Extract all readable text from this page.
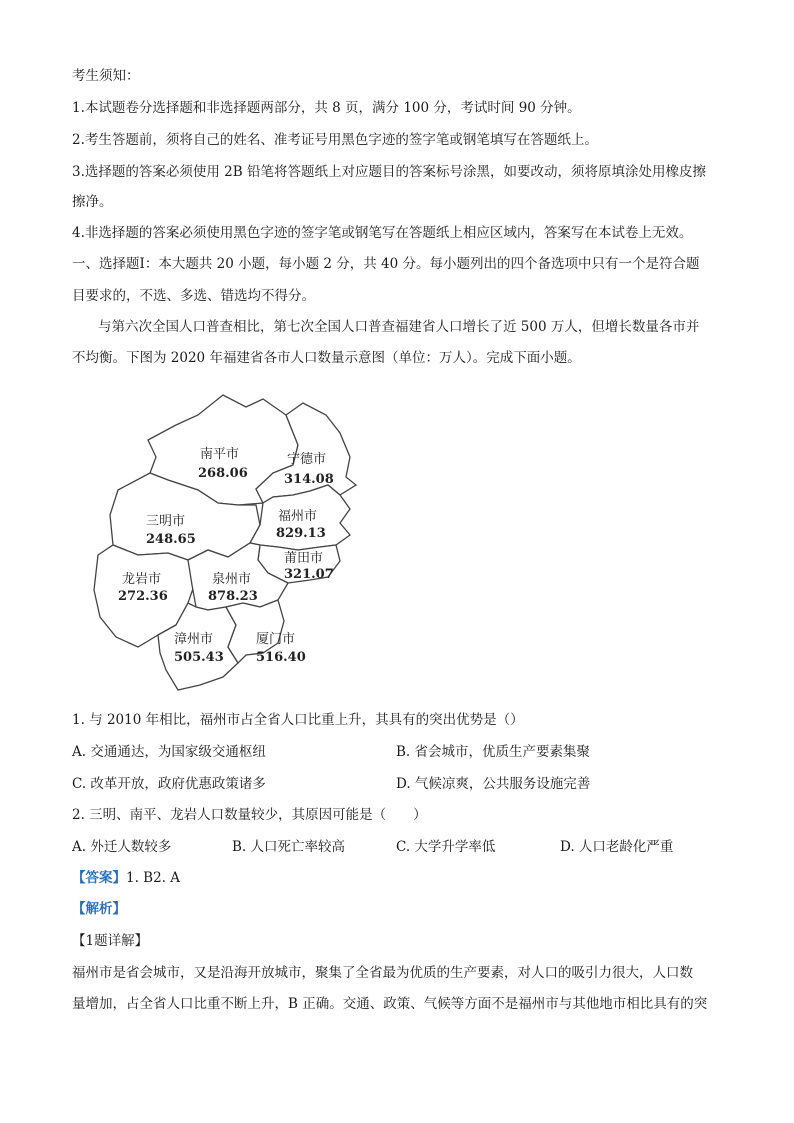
考生须知：
1.本试题卷分选择题和非选择题两部分，共 8 页，满分 100 分，考试时间 90 分钟。
2.考生答题前，须将自己的姓名、准考证号用黑色字迹的签字笔或钢笔填写在答题纸上。
3.选择题的答案必须使用 2B 铅笔将答题纸上对应题目的答案标号涂黑，如要改动，须将原填涂处用橡皮擦
擦净。
4.非选择题的答案必须使用黑色字迹的签字笔或钢笔写在答题纸上相应区域内，答案写在本试卷上无效。
一、选择题Ⅰ：本大题共 20 小题，每小题 2 分，共 40 分。每小题列出的四个备选项中只有一个是符合题
目要求的，不选、多选、错选均不得分。
与第六次全国人口普查相比，第七次全国人口普查福建省人口增长了近 500 万人，但增长数量各市并
不均衡。下图为 2020 年福建省各市人口数量示意图（单位：万人）。完成下面小题。
南平市
268.06
宁德市
314.08
三明市
248.65
福州市
829.13
莆田市
321.07
龙岩市
272.36
泉州市
878.23
漳州市
505.43
厦门市
516.40
1. 与 2010 年相比，福州市占全省人口比重上升，其具有的突出优势是（）
A. 交通通达，为国家级交通枢纽	B. 省会城市，优质生产要素集聚
C. 改革开放，政府优惠政策诸多	D. 气候凉爽，公共服务设施完善
2. 三明、南平、龙岩人口数量较少，其原因可能是（　　）
A. 外迁人数较多	B. 人口死亡率较高	C. 大学升学率低	D. 人口老龄化严重
【答案】1. B2. A
【解析】
【1题详解】
福州市是省会城市，又是沿海开放城市，聚集了全省最为优质的生产要素，对人口的吸引力很大，人口数
量增加，占全省人口比重不断上升，B 正确。交通、政策、气候等方面不是福州市与其他地市相比具有的突
